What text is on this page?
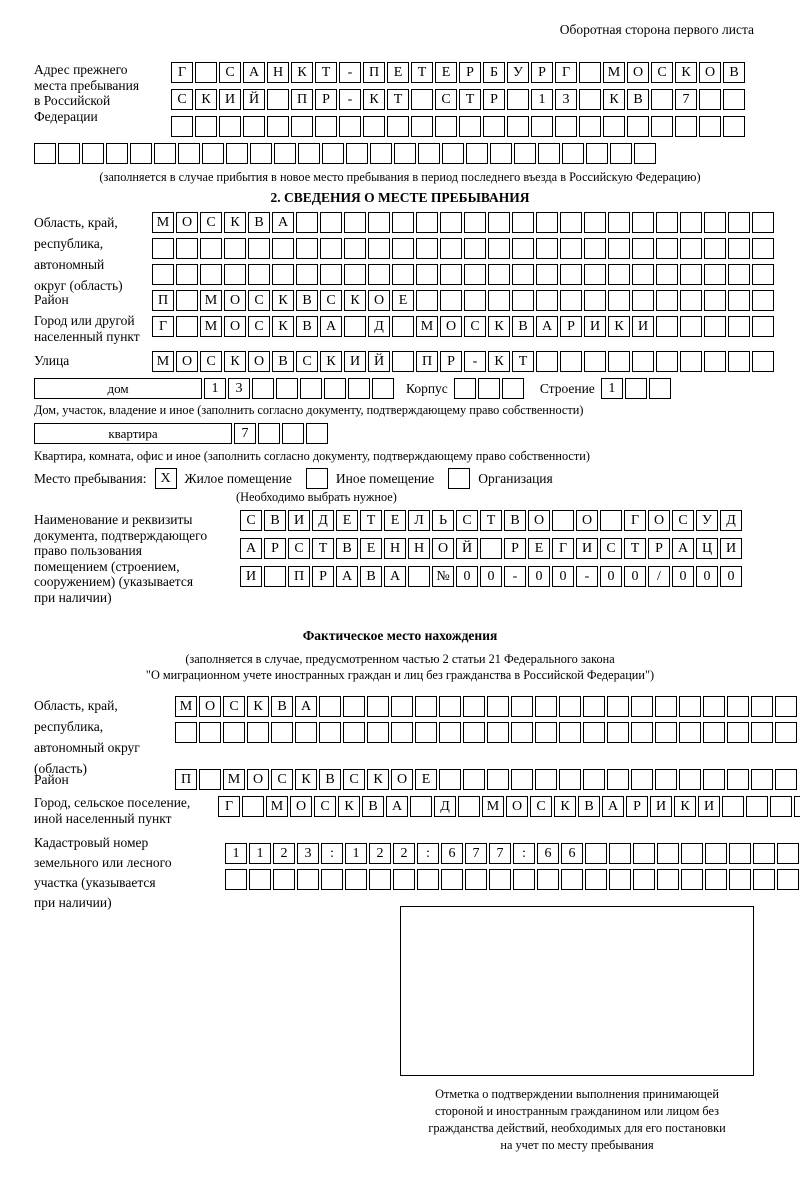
Оборотная сторона первого листа
Адрес прежнего
места пребывания
в Российской
Федерации
Г	С	А Н	К	Т	-	П	Е	Т	Е	Р	Б	У	Р	Г	М О	С	К	О	В
С	К	И Й	П	Р	-	К	Т	С	Т	Р	1	3	К	В	7
(заполняется в случае прибытия в новое место пребывания в период последнего въезда в Российскую Федерацию)
2. СВЕДЕНИЯ О МЕСТЕ ПРЕБЫВАНИЯ
Область, край,
республика,
автономный
округ (область)
М О	С	К	В	А
Район	П	М О	С	К	В	С	К	О	Е
Город или другой
населенный пункт
Г	М О	С	К	В	А	Д	М О	С	К	В	А	Р	И	К	И
Улица	М О	С	К	О	В	С	К	И Й	П	Р	-	К	Т
дом	1	3	Корпус	Строение 1
Дом, участок, владение и иное (заполнить согласно документу, подтверждающему право собственности)
квартира	7
Квартира, комната, офис и иное (заполнить согласно документу, подтверждающему право собственности)
Место пребывания: X	Жилое помещение	Иное помещение	Организация
(Необходимо выбрать нужное)
Наименование и реквизиты
документа, подтверждающего
право пользования
помещением (строением,
сооружением) (указывается
при наличии)
С	В	И	Д	Е	Т	Е	Л	Ь	С	Т	В	О	О	Г	О	С	У	Д
А	Р	С	Т	В	Е	Н Н О Й	Р	Е	Г	И	С	Т	Р	А Ц И
И	П	Р	А	В	А	№ 0	0	-	0	0	-	0	0	/	0	0	0
Фактическое место нахождения
(заполняется в случае, предусмотренном частью 2 статьи 21 Федерального закона
"О миграционном учете иностранных граждан и лиц без гражданства в Российской Федерации")
Область, край,
республика,
автономный округ
(область)
М О	С	К	В	А
Район	П	М О	С	К	В	С	К	О	Е
Город, сельское поселение,
иной населенный пункт
Г	М О	С	К	В	А	Д	М О	С	К	В	А	Р	И	К	И
Кадастровый номер
земельного или лесного
участка (указывается
при наличии)
1	1	2	3	:	1	2	2	:	6	7	7	:	6	6
Отметка о подтверждении выполнения принимающей
стороной и иностранным гражданином или лицом без
гражданства действий, необходимых для его постановки
на учет по месту пребывания
